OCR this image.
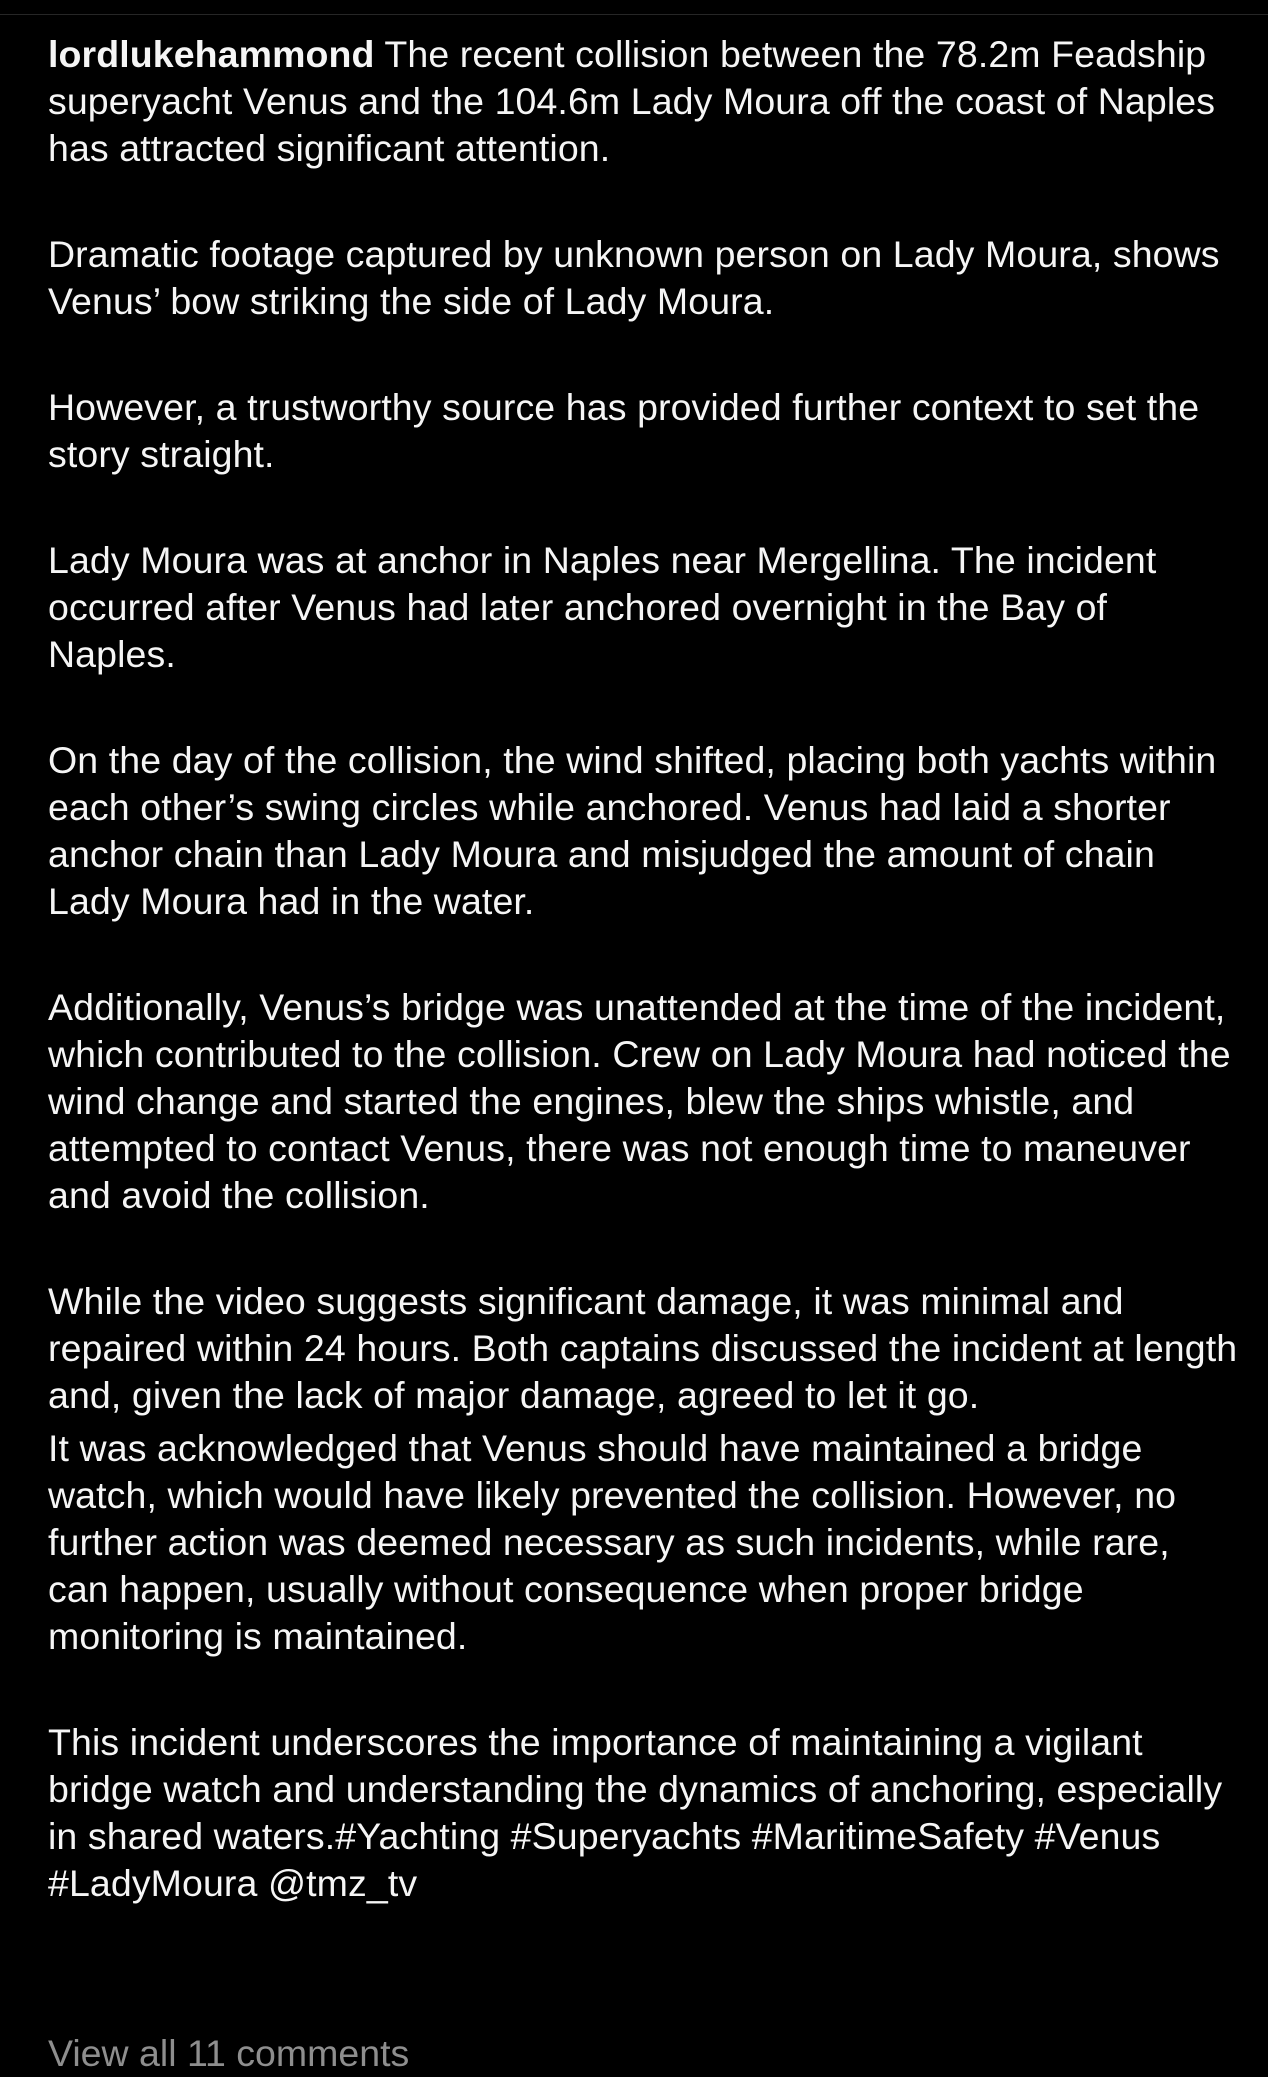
lordlukehammond The recent collision between the 78.2m Feadship superyacht Venus and the 104.6m Lady Moura off the coast of Naples has attracted significant attention.

Dramatic footage captured by unknown person on Lady Moura, shows Venus’ bow striking the side of Lady Moura.

However, a trustworthy source has provided further context to set the story straight.

Lady Moura was at anchor in Naples near Mergellina. The incident occurred after Venus had later anchored overnight in the Bay of Naples.

On the day of the collision, the wind shifted, placing both yachts within each other’s swing circles while anchored. Venus had laid a shorter anchor chain than Lady Moura and misjudged the amount of chain Lady Moura had in the water.

Additionally, Venus’s bridge was unattended at the time of the incident, which contributed to the collision. Crew on Lady Moura had noticed the wind change and started the engines, blew the ships whistle, and attempted to contact Venus, there was not enough time to maneuver and avoid the collision.

While the video suggests significant damage, it was minimal and repaired within 24 hours. Both captains discussed the incident at length and, given the lack of major damage, agreed to let it go.

It was acknowledged that Venus should have maintained a bridge watch, which would have likely prevented the collision. However, no further action was deemed necessary as such incidents, while rare, can happen, usually without consequence when proper bridge monitoring is maintained.

This incident underscores the importance of maintaining a vigilant bridge watch and understanding the dynamics of anchoring, especially in shared waters.#Yachting #Superyachts #MaritimeSafety #Venus #LadyMoura @tmz_tv

View all 11 comments
